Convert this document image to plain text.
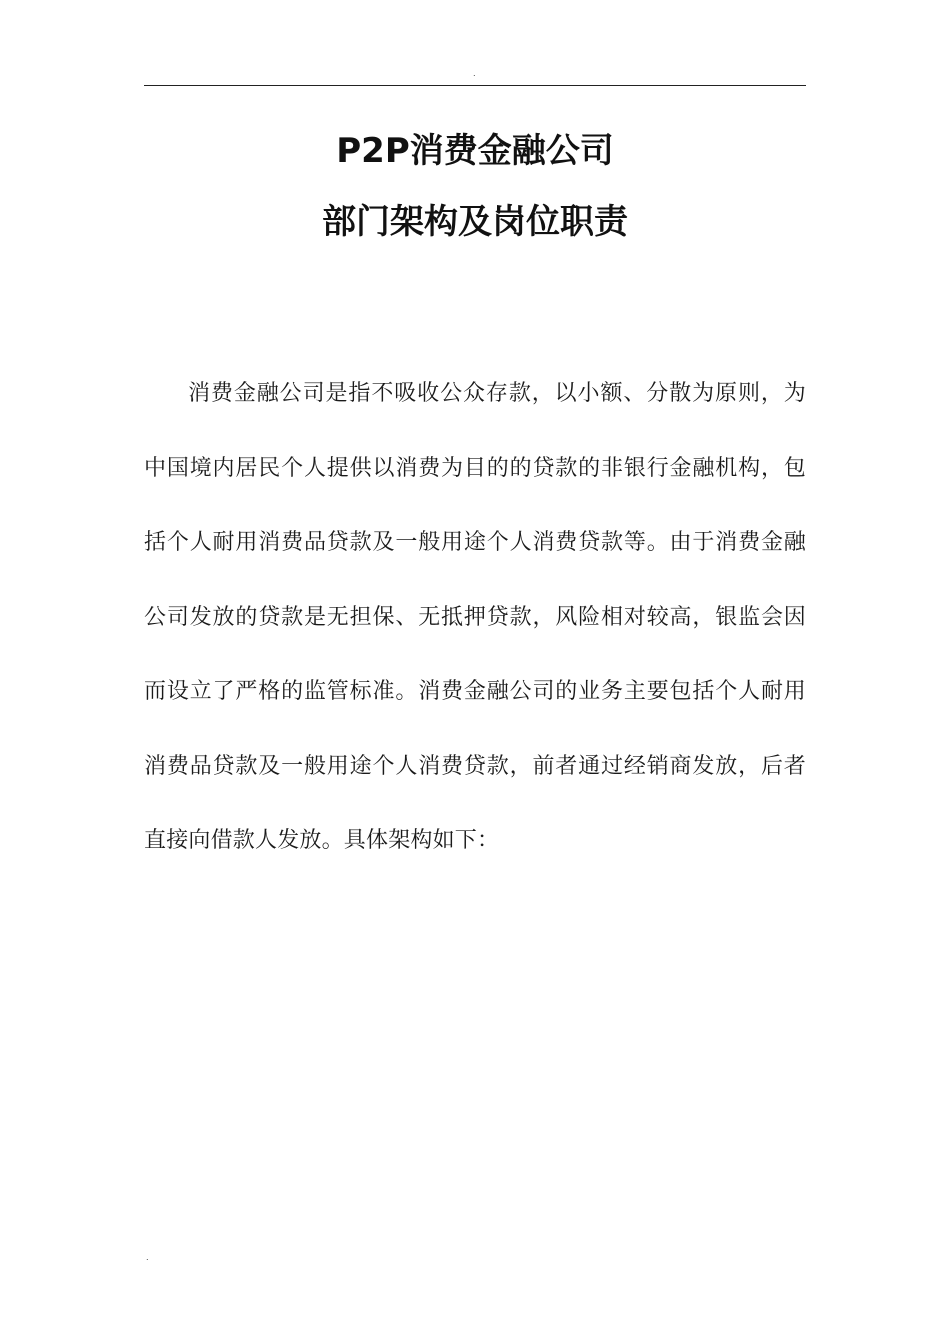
.
P2P消费金融公司
部门架构及岗位职责

消费金融公司是指不吸收公众存款，以小额、分散为原则，为中国境内居民个人提供以消费为目的的贷款的非银行金融机构，包括个人耐用消费品贷款及一般用途个人消费贷款等。由于消费金融公司发放的贷款是无担保、无抵押贷款，风险相对较高，银监会因而设立了严格的监管标准。消费金融公司的业务主要包括个人耐用消费品贷款及一般用途个人消费贷款，前者通过经销商发放，后者直接向借款人发放。具体架构如下：

.
